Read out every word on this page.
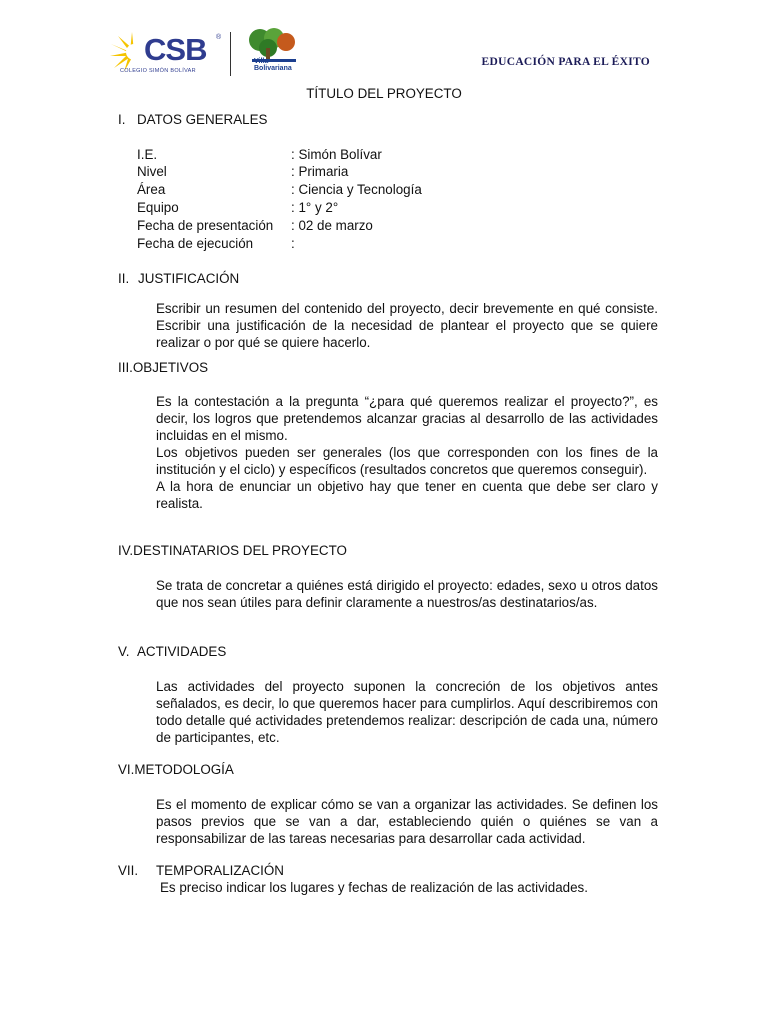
CSB ®
COLEGIO SIMÓN BOLÍVAR
Villa
Bolivariana
EDUCACIÓN PARA EL ÉXITO
TÍTULO DEL PROYECTO
I. DATOS GENERALES
I.E.	: Simón Bolívar
Nivel	: Primaria
Área	: Ciencia y Tecnología
Equipo	: 1° y 2°
Fecha de presentación : 02 de marzo
Fecha de ejecución	:
II. JUSTIFICACIÓN

Escribir un resumen del contenido del proyecto, decir brevemente en qué consiste. Escribir una justificación de la necesidad de plantear el proyecto que se quiere realizar o por qué se quiere hacerlo.

III.OBJETIVOS

Es la contestación a la pregunta “¿para qué queremos realizar el proyecto?”, es decir, los logros que pretendemos alcanzar gracias al desarrollo de las actividades incluidas en el mismo.

Los objetivos pueden ser generales (los que corresponden con los fines de la institución y el ciclo) y específicos (resultados concretos que queremos conseguir).

A la hora de enunciar un objetivo hay que tener en cuenta que debe ser claro y realista.

IV.DESTINATARIOS DEL PROYECTO

Se trata de concretar a quiénes está dirigido el proyecto: edades, sexo u otros datos que nos sean útiles para definir claramente a nuestros/as destinatarios/as.

V. ACTIVIDADES

Las actividades del proyecto suponen la concreción de los objetivos antes señalados, es decir, lo que queremos hacer para cumplirlos. Aquí describiremos con todo detalle qué actividades pretendemos realizar: descripción de cada una, número de participantes, etc.

VI.METODOLOGÍA

Es el momento de explicar cómo se van a organizar las actividades. Se definen los pasos previos que se van a dar, estableciendo quién o quiénes se van a responsabilizar de las tareas necesarias para desarrollar cada actividad.

VII. TEMPORALIZACIÓN
Es preciso indicar los lugares y fechas de realización de las actividades.
